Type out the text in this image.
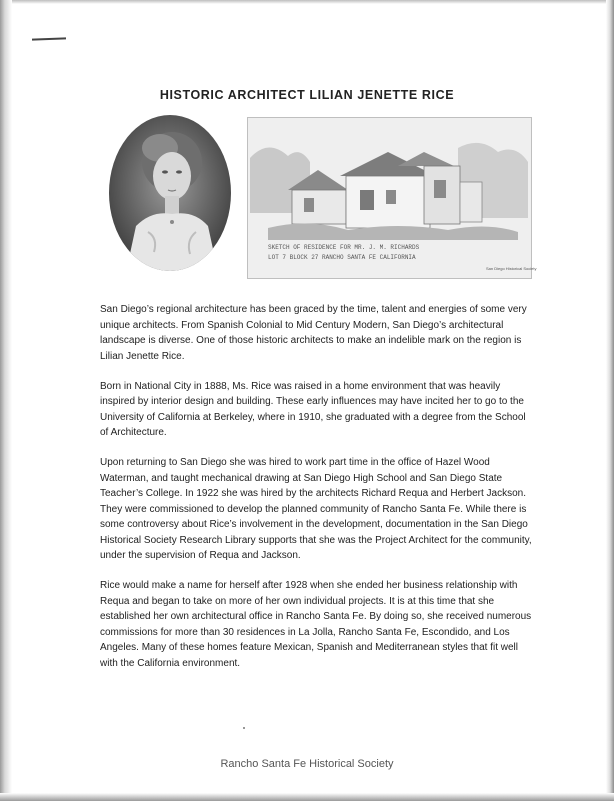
HISTORIC ARCHITECT LILIAN JENETTE RICE
SKETCH OF RESIDENCE FOR MR. J. M. RICHARDS
LOT 7 BLOCK 27 RANCHO SANTA FE CALIFORNIA
San Diego Historical Society

San Diego’s regional architecture has been graced by the time, talent and energies of some very unique architects. From Spanish Colonial to Mid Century Modern, San Diego’s architectural landscape is diverse. One of those historic architects to make an indelible mark on the region is Lilian Jenette Rice.

Born in National City in 1888, Ms. Rice was raised in a home environment that was heavily inspired by interior design and building. These early influences may have incited her to go to the University of California at Berkeley, where in 1910, she graduated with a degree from the School of Architecture.

Upon returning to San Diego she was hired to work part time in the office of Hazel Wood Waterman, and taught mechanical drawing at San Diego High School and San Diego State Teacher’s College. In 1922 she was hired by the architects Richard Requa and Herbert Jackson. They were commissioned to develop the planned community of Rancho Santa Fe. While there is some controversy about Rice’s involvement in the development, documentation in the San Diego Historical Society Research Library supports that she was the Project Architect for the community, under the supervision of Requa and Jackson.

Rice would make a name for herself after 1928 when she ended her business relationship with Requa and began to take on more of her own individual projects. It is at this time that she established her own architectural office in Rancho Santa Fe. By doing so, she received numerous commissions for more than 30 residences in La Jolla, Rancho Santa Fe, Escondido, and Los Angeles. Many of these homes feature Mexican, Spanish and Mediterranean styles that fit well with the California environment.

Rancho Santa Fe Historical Society
